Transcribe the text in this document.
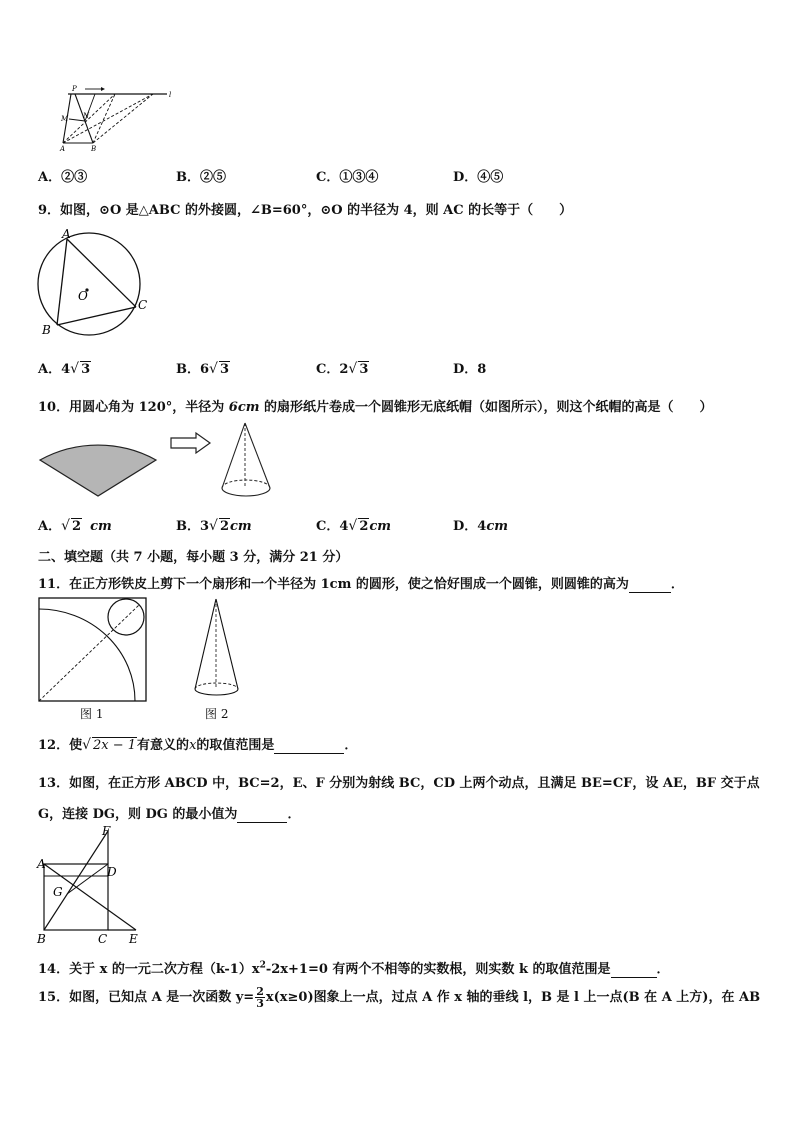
P
l
M N
A	B
A．②③	B．②⑤	C．①③④	D．④⑤
9．如图，⊙O 是△ABC 的外接圆，∠B=60°，⊙O 的半径为 4，则 AC 的长等于（　　）
A
O
C
B
A．4√ 3	B．6√ 3	C．2√ 3	D．8
10．用圆心角为 120°，半径为 6cm 的扇形纸片卷成一个圆锥形无底纸帽（如图所示），则这个纸帽的高是（　　）
A．√ 2 cm	B．3√ 2cm	C．4√ 2cm	D．4cm
二、填空题（共 7 小题，每小题 3 分，满分 21 分）
11．在正方形铁皮上剪下一个扇形和一个半径为 1cm 的圆形，使之恰好围成一个圆锥，则圆锥的高为	．
图 1	图 2
12．使√ 2x − 1有意义的x的取值范围是	．
13．如图，在正方形 ABCD 中，BC=2，E、F 分别为射线 BC，CD 上两个动点，且满足 BE=CF，设 AE，BF 交于点
G，连接 DG，则 DG 的最小值为	．
F
A
D
G
B	C E
14．关于 x 的一元二次方程$(k-1)x^2-2x+1=0$ 有两个不相等的实数根，则实数 k 的取值范围是	．
15．如图，已知点 A 是一次函数 $y= \frac{2}{3} x(x\ge 0)$图象上一点，过点 A 作 x 轴的垂线 l，B 是 l 上一点(B 在 A 上方)，在 AB
